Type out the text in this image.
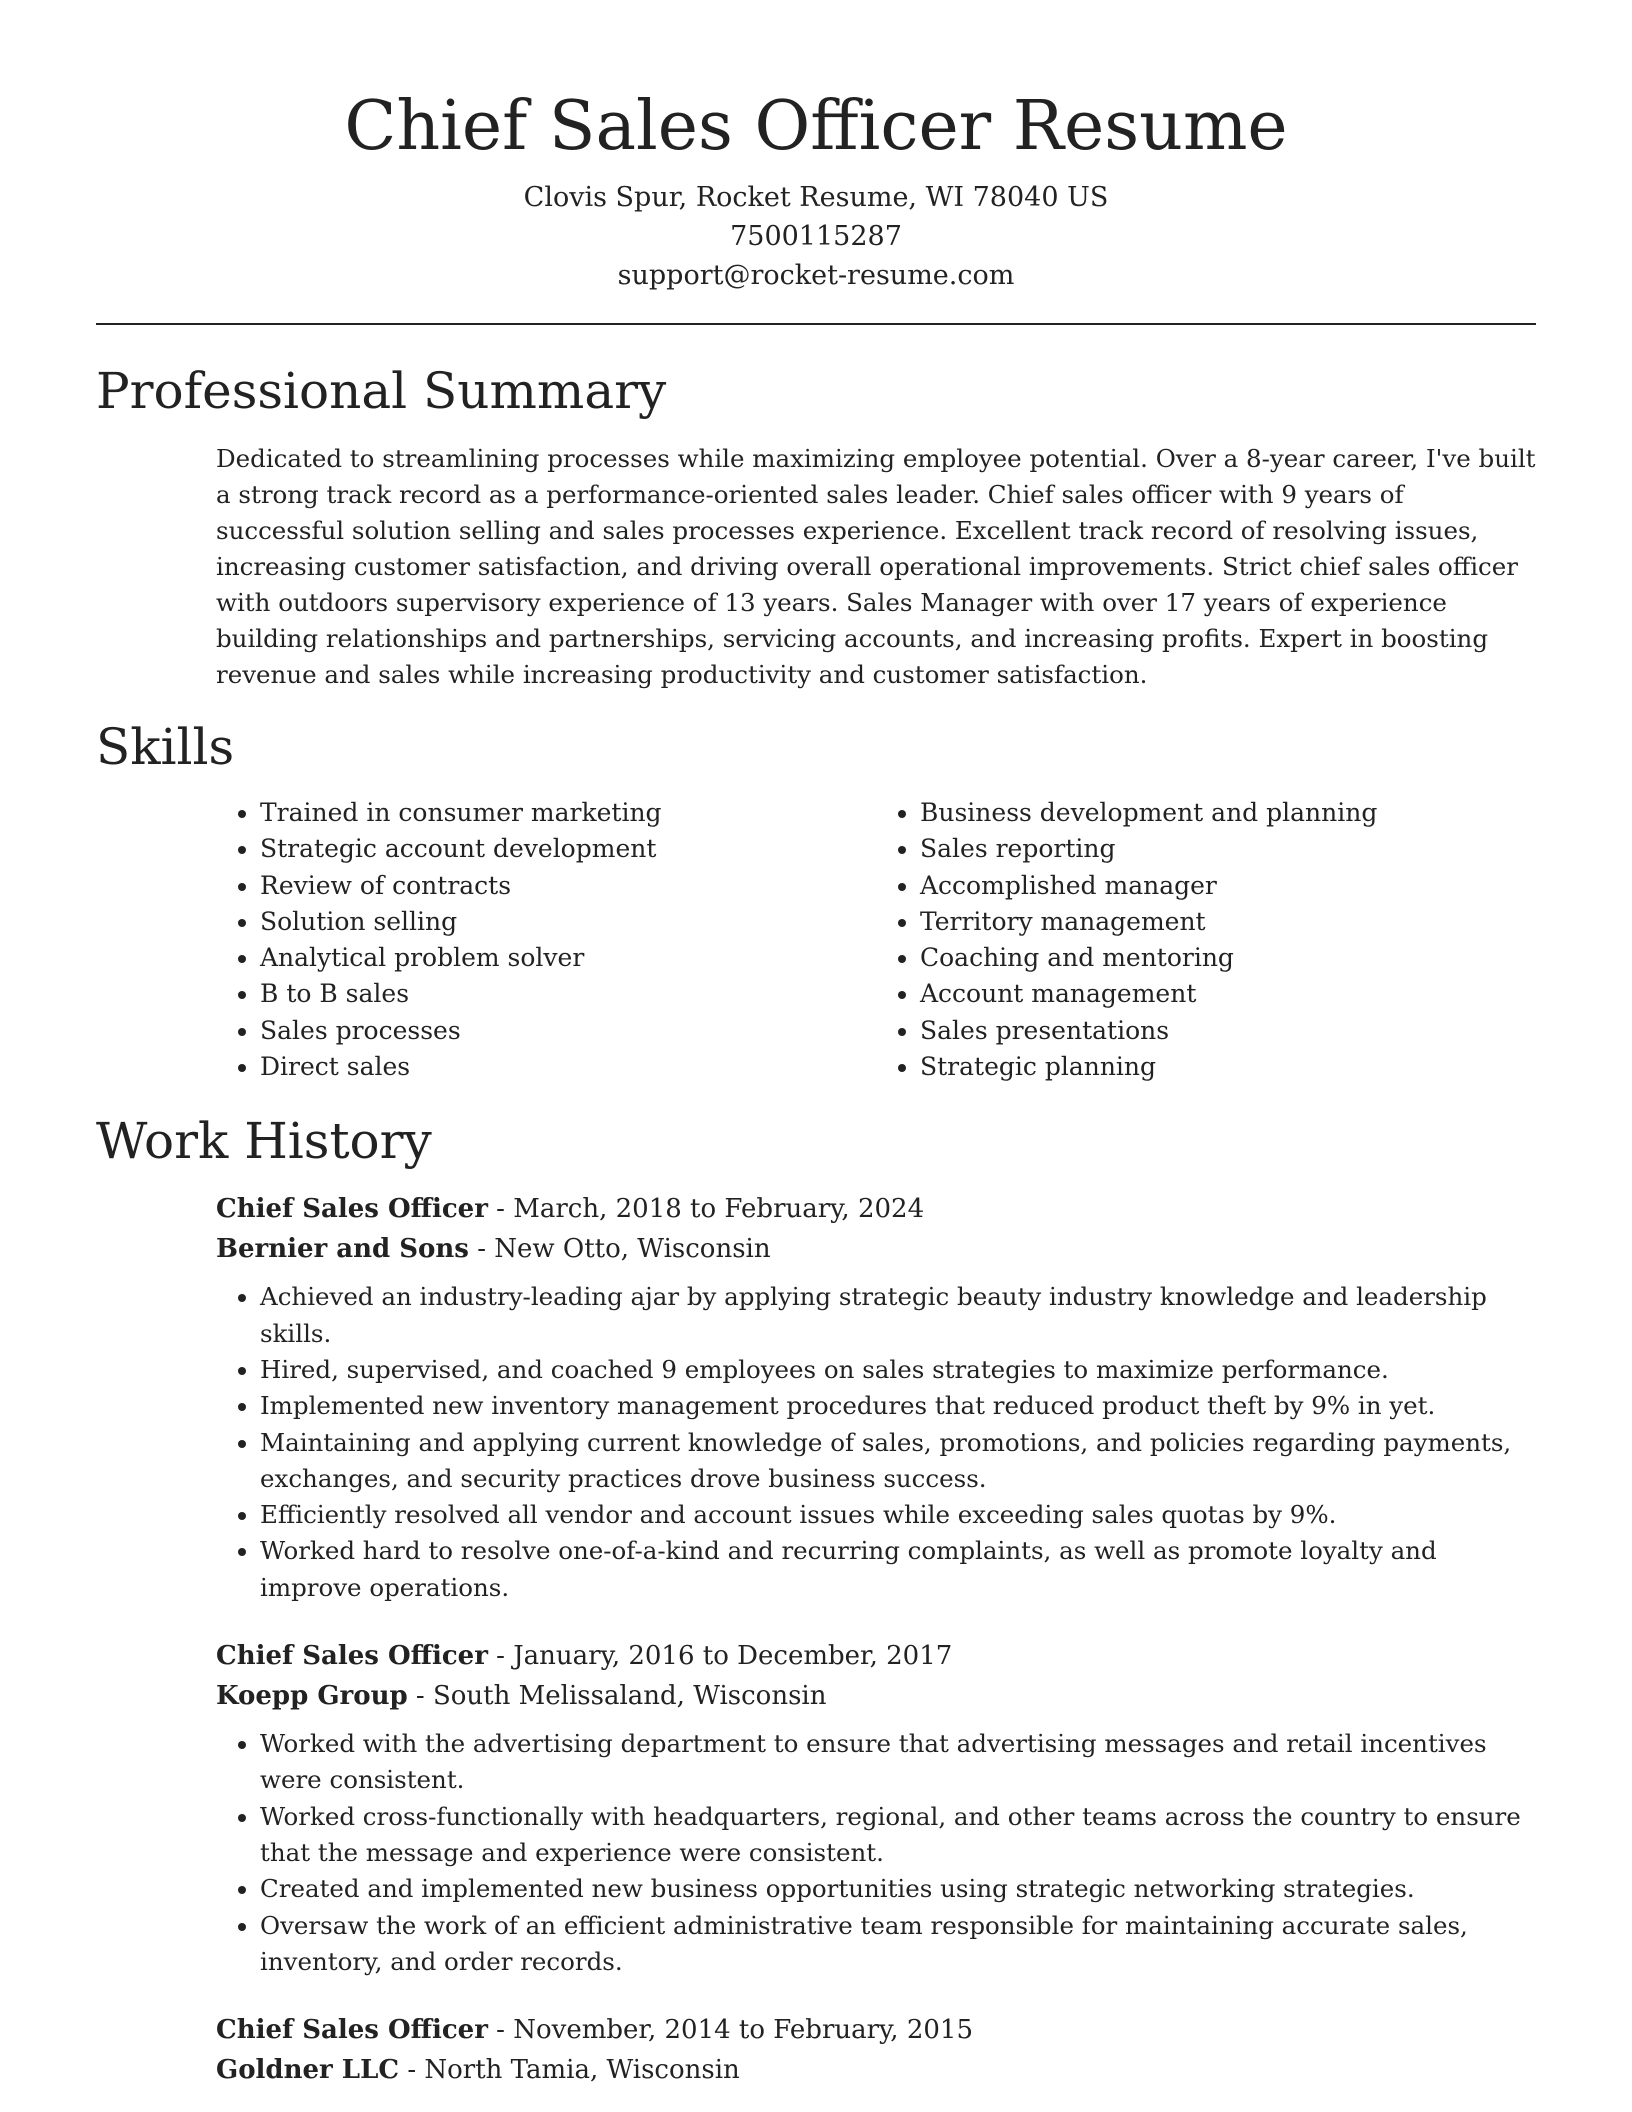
Chief Sales Officer Resume
Clovis Spur, Rocket Resume, WI 78040 US
7500115287
support@rocket-resume.com
Professional Summary

Dedicated to streamlining processes while maximizing employee potential. Over a 8-year career, I've built a strong track record as a performance-oriented sales leader. Chief sales officer with 9 years of successful solution selling and sales processes experience. Excellent track record of resolving issues, increasing customer satisfaction, and driving overall operational improvements. Strict chief sales officer with outdoors supervisory experience of 13 years. Sales Manager with over 17 years of experience building relationships and partnerships, servicing accounts, and increasing profits. Expert in boosting revenue and sales while increasing productivity and customer satisfaction.

Skills
• Trained in consumer marketing
• Strategic account development
• Review of contracts
• Solution selling
• Analytical problem solver
• B to B sales
• Sales processes
• Direct sales
• Business development and planning
• Sales reporting
• Accomplished manager
• Territory management
• Coaching and mentoring
• Account management
• Sales presentations
• Strategic planning
Work History
Chief Sales Officer - March, 2018 to February, 2024
Bernier and Sons - New Otto, Wisconsin
• Achieved an industry-leading ajar by applying strategic beauty industry knowledge and leadership skills.
• Hired, supervised, and coached 9 employees on sales strategies to maximize performance.
• Implemented new inventory management procedures that reduced product theft by 9% in yet.
• Maintaining and applying current knowledge of sales, promotions, and policies regarding payments, exchanges, and security practices drove business success.
• Efficiently resolved all vendor and account issues while exceeding sales quotas by 9%.
• Worked hard to resolve one-of-a-kind and recurring complaints, as well as promote loyalty and improve operations.
Chief Sales Officer - January, 2016 to December, 2017
Koepp Group - South Melissaland, Wisconsin
• Worked with the advertising department to ensure that advertising messages and retail incentives were consistent.
• Worked cross-functionally with headquarters, regional, and other teams across the country to ensure that the message and experience were consistent.
• Created and implemented new business opportunities using strategic networking strategies.
• Oversaw the work of an efficient administrative team responsible for maintaining accurate sales, inventory, and order records.
Chief Sales Officer - November, 2014 to February, 2015
Goldner LLC - North Tamia, Wisconsin
